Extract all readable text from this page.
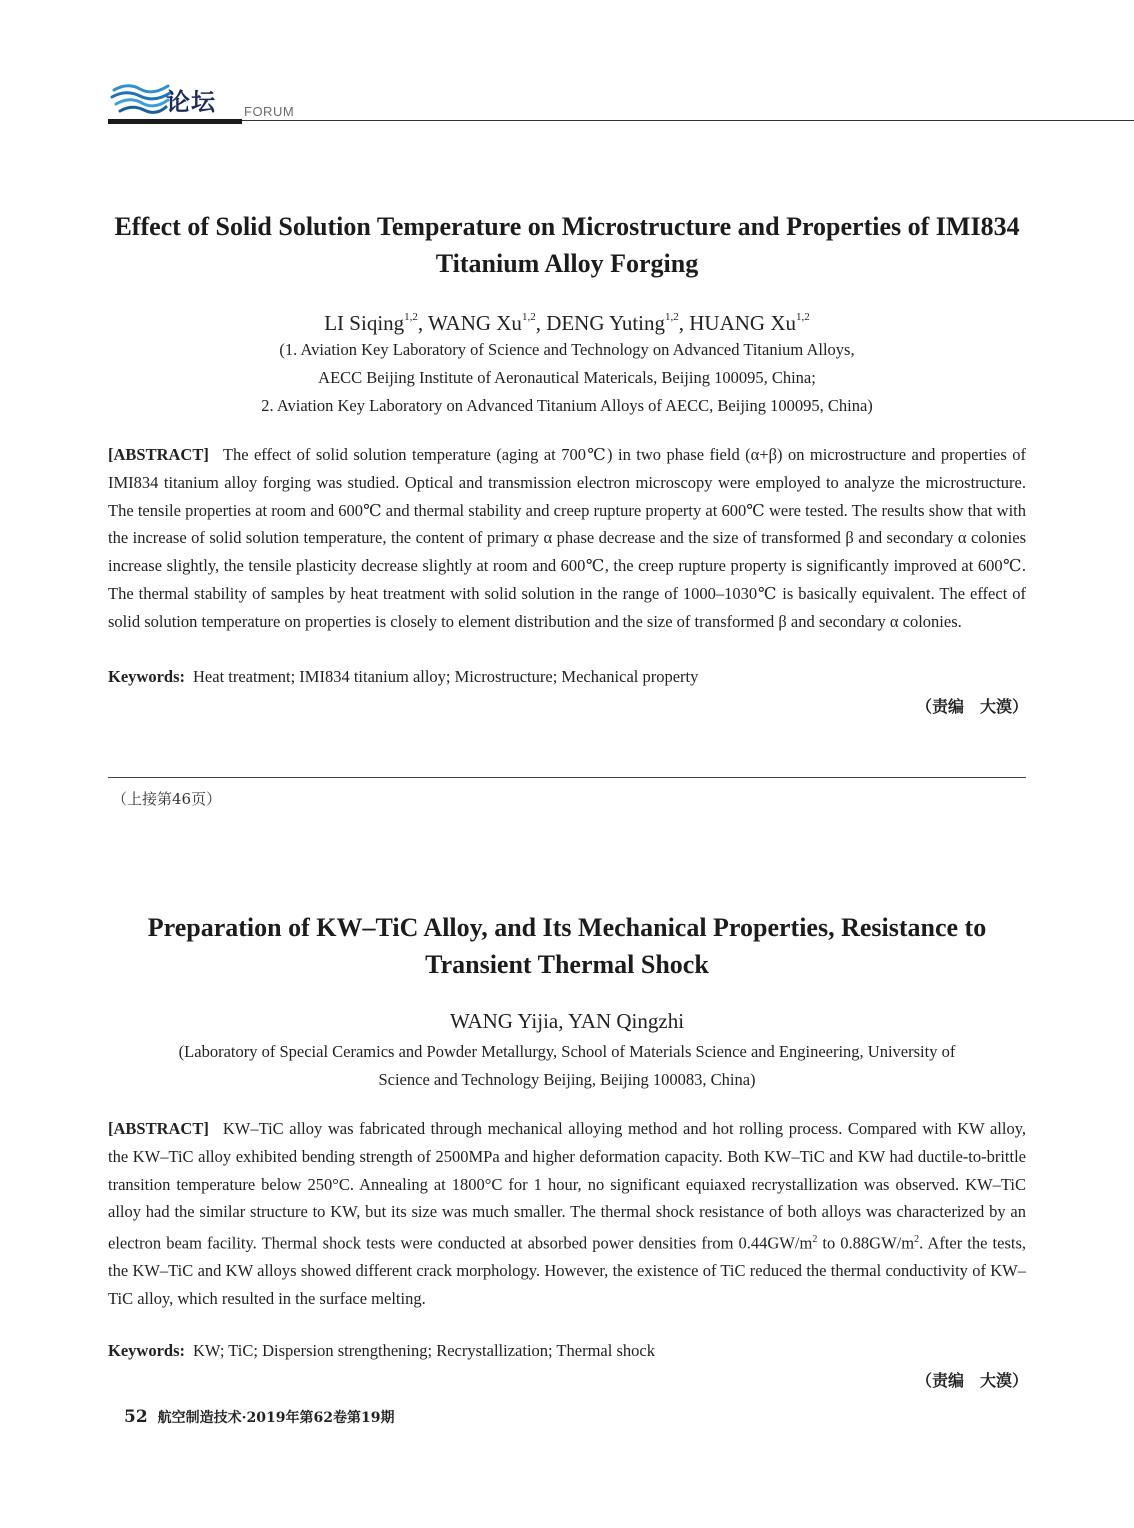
论坛 FORUM
Effect of Solid Solution Temperature on Microstructure and Properties of IMI834
Titanium Alloy Forging
LI Siqing$^{1,2}$, WANG Xu$^{1,2}$, DENG Yuting$^{1,2}$, HUANG Xu$^{1,2}$
(1. Aviation Key Laboratory of Science and Technology on Advanced Titanium Alloys,
AECC Beijing Institute of Aeronautical Matericals, Beijing 100095, China;
2. Aviation Key Laboratory on Advanced Titanium Alloys of AECC, Beijing 100095, China)
[ABSTRACT] The effect of solid solution temperature (aging at 700℃) in two phase field (α+β) on microstructure and properties of IMI834 titanium alloy forging was studied. Optical and transmission electron microscopy were employed to analyze the microstructure. The tensile properties at room and 600℃ and thermal stability and creep rupture property at 600℃ were tested. The results show that with the increase of solid solution temperature, the content of primary α phase decrease and the size of transformed β and secondary α colonies increase slightly, the tensile plasticity decrease slightly at room and 600℃, the creep rupture property is significantly improved at 600℃. The thermal stability of samples by heat treatment with solid solution in the range of 1000–1030℃ is basically equivalent. The effect of solid solution temperature on properties is closely to element distribution and the size of transformed β and secondary α colonies.
Keywords: Heat treatment; IMI834 titanium alloy; Microstructure; Mechanical property
（责编　大漠）
（上接第46页）
Preparation of KW–TiC Alloy, and Its Mechanical Properties, Resistance to
Transient Thermal Shock
WANG Yijia, YAN Qingzhi
(Laboratory of Special Ceramics and Powder Metallurgy, School of Materials Science and Engineering, University of
Science and Technology Beijing, Beijing 100083, China)
[ABSTRACT] KW–TiC alloy was fabricated through mechanical alloying method and hot rolling process. Compared with KW alloy, the KW–TiC alloy exhibited bending strength of 2500MPa and higher deformation capacity. Both KW–TiC and KW had ductile-to-brittle transition temperature below 250°C. Annealing at 1800°C for 1 hour, no significant equiaxed recrystallization was observed. KW–TiC alloy had the similar structure to KW, but its size was much smaller. The thermal shock resistance of both alloys was characterized by an electron beam facility. Thermal shock tests were conducted at absorbed power densities from $0.44GW/m^2$ to $0.88GW/m^2$. After the tests, the KW–TiC and KW alloys showed different crack morphology. However, the existence of TiC reduced the thermal conductivity of KW–TiC alloy, which resulted in the surface melting.
Keywords: KW; TiC; Dispersion strengthening; Recrystallization; Thermal shock
（责编　大漠）
52 航空制造技术·2019年第62卷第19期
